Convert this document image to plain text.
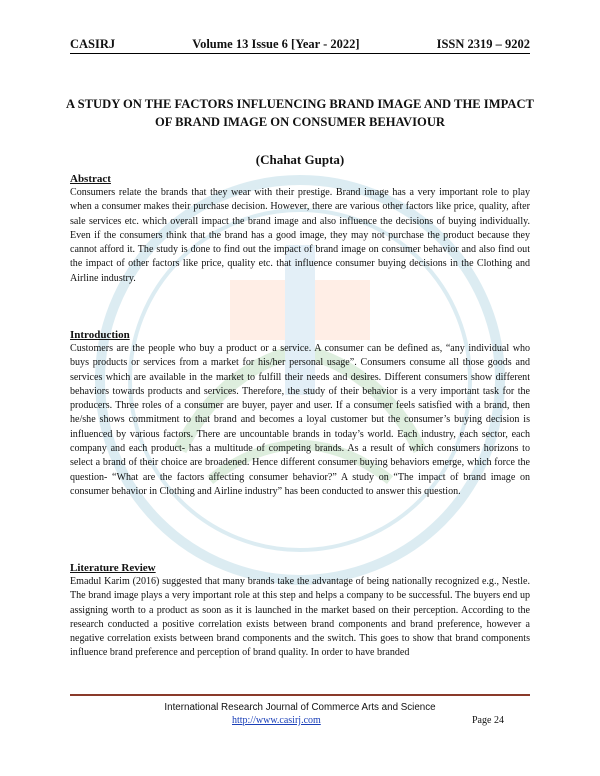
CASIRJ	Volume 13 Issue 6 [Year - 2022]	ISSN 2319 – 9202
A STUDY ON THE FACTORS INFLUENCING BRAND IMAGE AND THE IMPACT OF BRAND IMAGE ON CONSUMER BEHAVIOUR
(Chahat Gupta)
Abstract

Consumers relate the brands that they wear with their prestige. Brand image has a very important role to play when a consumer makes their purchase decision. However, there are various other factors like price, quality, after sale services etc. which overall impact the brand image and also influence the decisions of buying individually. Even if the consumers think that the brand has a good image, they may not purchase the product because they cannot afford it. The study is done to find out the impact of brand image on consumer behavior and also find out the impact of other factors like price, quality etc. that influence consumer buying decisions in the Clothing and Airline industry.

Introduction

Customers are the people who buy a product or a service. A consumer can be defined as, “any individual who buys products or services from a market for his/her personal usage”. Consumers consume all those goods and services which are available in the market to fulfill their needs and desires. Different consumers show different behaviors towards products and services. Therefore, the study of their behavior is a very important task for the producers. Three roles of a consumer are buyer, payer and user. If a consumer feels satisfied with a brand, then he/she shows commitment to that brand and becomes a loyal customer but the consumer’s buying decision is influenced by various factors. There are uncountable brands in today’s world. Each industry, each sector, each company and each product- has a multitude of competing brands. As a result of which consumers horizons to select a brand of their choice are broadened. Hence different consumer buying behaviors emerge, which force the question- “What are the factors affecting consumer behavior?” A study on “The impact of brand image on consumer behavior in Clothing and Airline industry” has been conducted to answer this question.

Literature Review

Emadul Karim (2016) suggested that many brands take the advantage of being nationally recognized e.g., Nestle. The brand image plays a very important role at this step and helps a company to be successful. The buyers end up assigning worth to a product as soon as it is launched in the market based on their perception. According to the research conducted a positive correlation exists between brand components and brand preference, however a negative correlation exists between brand components and the switch. This goes to show that brand components influence brand preference and perception of brand quality. In order to have branded

International Research Journal of Commerce Arts and Science
http://www.casirj.com	Page 24
